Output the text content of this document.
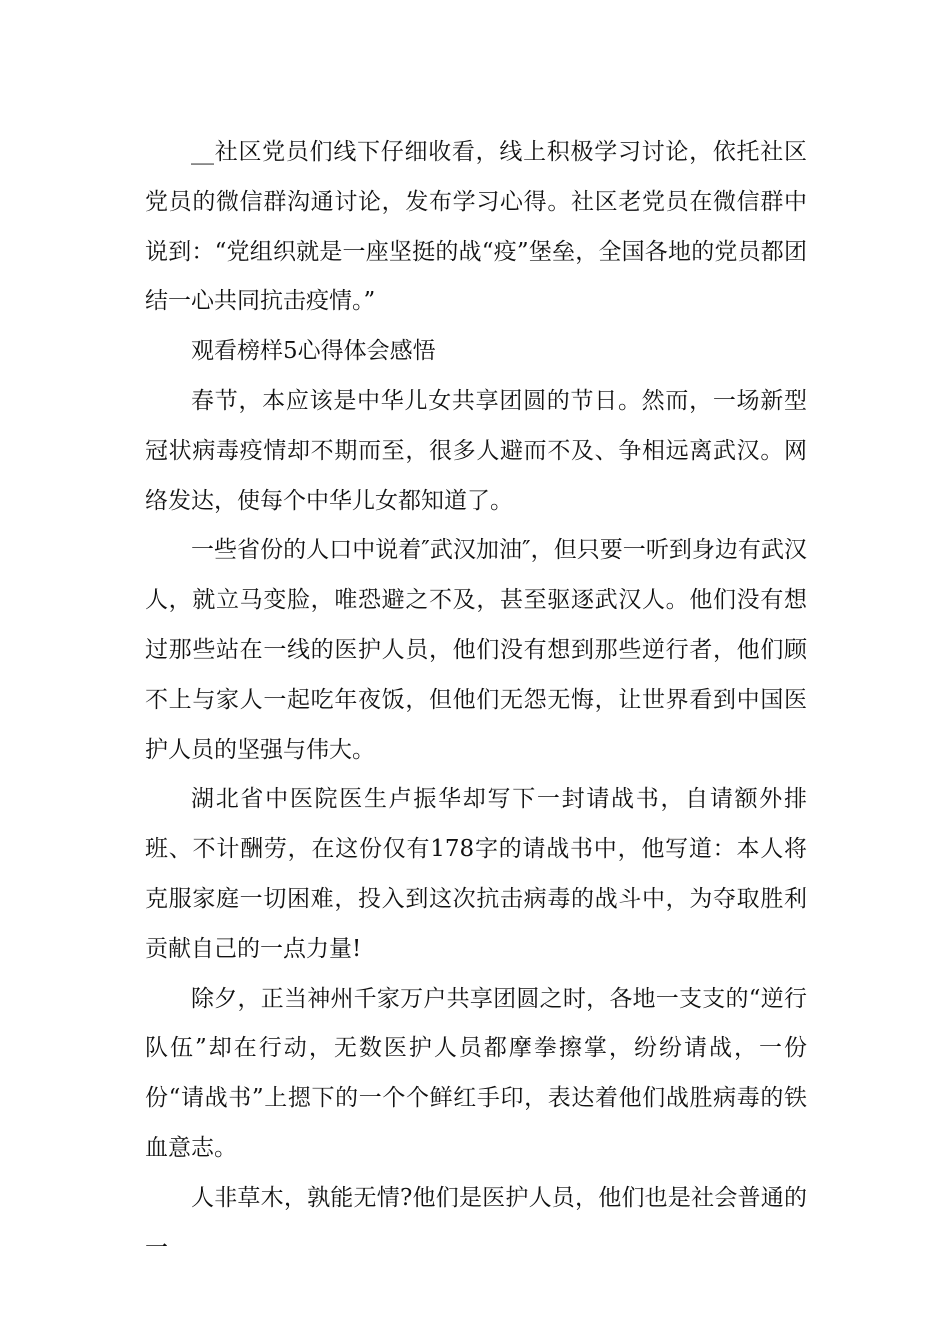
__社区党员们线下仔细收看，线上积极学习讨论，依托社区党员的微信群沟通讨论，发布学习心得。社区老党员在微信群中说到：“党组织就是一座坚挺的战“疫”堡垒，全国各地的党员都团结一心共同抗击疫情。”

观看榜样5心得体会感悟

春节，本应该是中华儿女共享团圆的节日。然而，一场新型冠状病毒疫情却不期而至，很多人避而不及、争相远离武汉。网络发达，使每个中华儿女都知道了。

一些省份的人口中说着″武汉加油″，但只要一听到身边有武汉人，就立马变脸，唯恐避之不及，甚至驱逐武汉人。他们没有想过那些站在一线的医护人员，他们没有想到那些逆行者，他们顾不上与家人一起吃年夜饭，但他们无怨无悔，让世界看到中国医护人员的坚强与伟大。

湖北省中医院医生卢振华却写下一封请战书，自请额外排班、不计酬劳，在这份仅有178字的请战书中，他写道：本人将克服家庭一切困难，投入到这次抗击病毒的战斗中，为夺取胜利贡献自己的一点力量!

除夕，正当神州千家万户共享团圆之时，各地一支支的“逆行队伍”却在行动，无数医护人员都摩拳擦掌，纷纷请战，一份份“请战书”上摁下的一个个鲜红手印，表达着他们战胜病毒的铁血意志。

人非草木，孰能无情?他们是医护人员，他们也是社会普通的一
